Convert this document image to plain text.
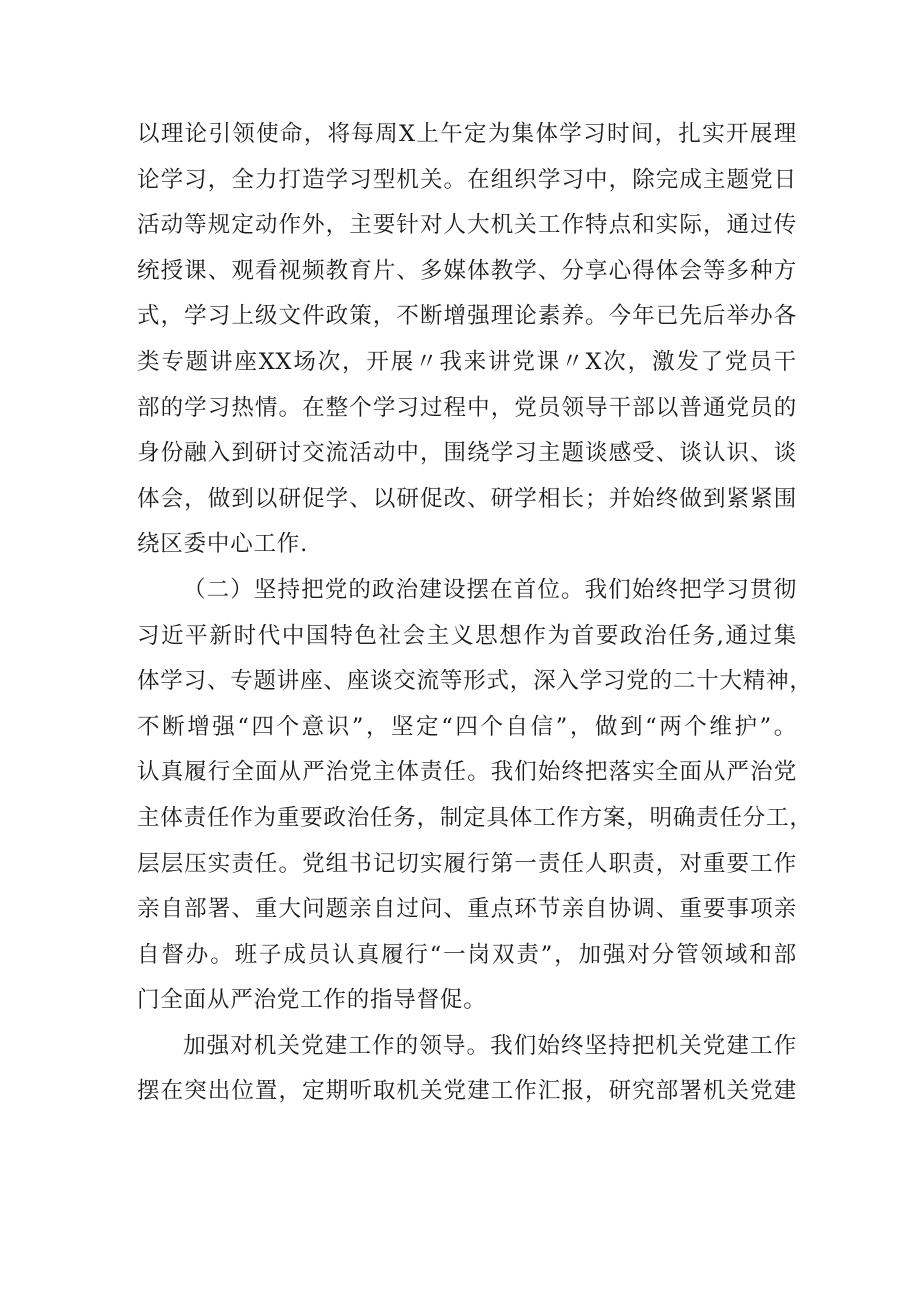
以理论引领使命，将每周X上午定为集体学习时间，扎实开展理
论学习，全力打造学习型机关。在组织学习中，除完成主题党日
活动等规定动作外，主要针对人大机关工作特点和实际，通过传
统授课、观看视频教育片、多媒体教学、分享心得体会等多种方
式，学习上级文件政策，不断增强理论素养。今年已先后举办各
类专题讲座XX场次，开展〃我来讲党课〃X次，激发了党员干
部的学习热情。在整个学习过程中，党员领导干部以普通党员的
身份融入到研讨交流活动中，围绕学习主题谈感受、谈认识、谈
体会，做到以研促学、以研促改、研学相长；并始终做到紧紧围
绕区委中心工作.
（二）坚持把党的政治建设摆在首位。我们始终把学习贯彻
习近平新时代中国特色社会主义思想作为首要政治任务,通过集
体学习、专题讲座、座谈交流等形式，深入学习党的二十大精神，
不断增强“四个意识”，坚定“四个自信”，做到“两个维护”。
认真履行全面从严治党主体责任。我们始终把落实全面从严治党
主体责任作为重要政治任务，制定具体工作方案，明确责任分工，
层层压实责任。党组书记切实履行第一责任人职责，对重要工作
亲自部署、重大问题亲自过问、重点环节亲自协调、重要事项亲
自督办。班子成员认真履行“一岗双责”，加强对分管领域和部
门全面从严治党工作的指导督促。
加强对机关党建工作的领导。我们始终坚持把机关党建工作
摆在突出位置，定期听取机关党建工作汇报，研究部署机关党建
